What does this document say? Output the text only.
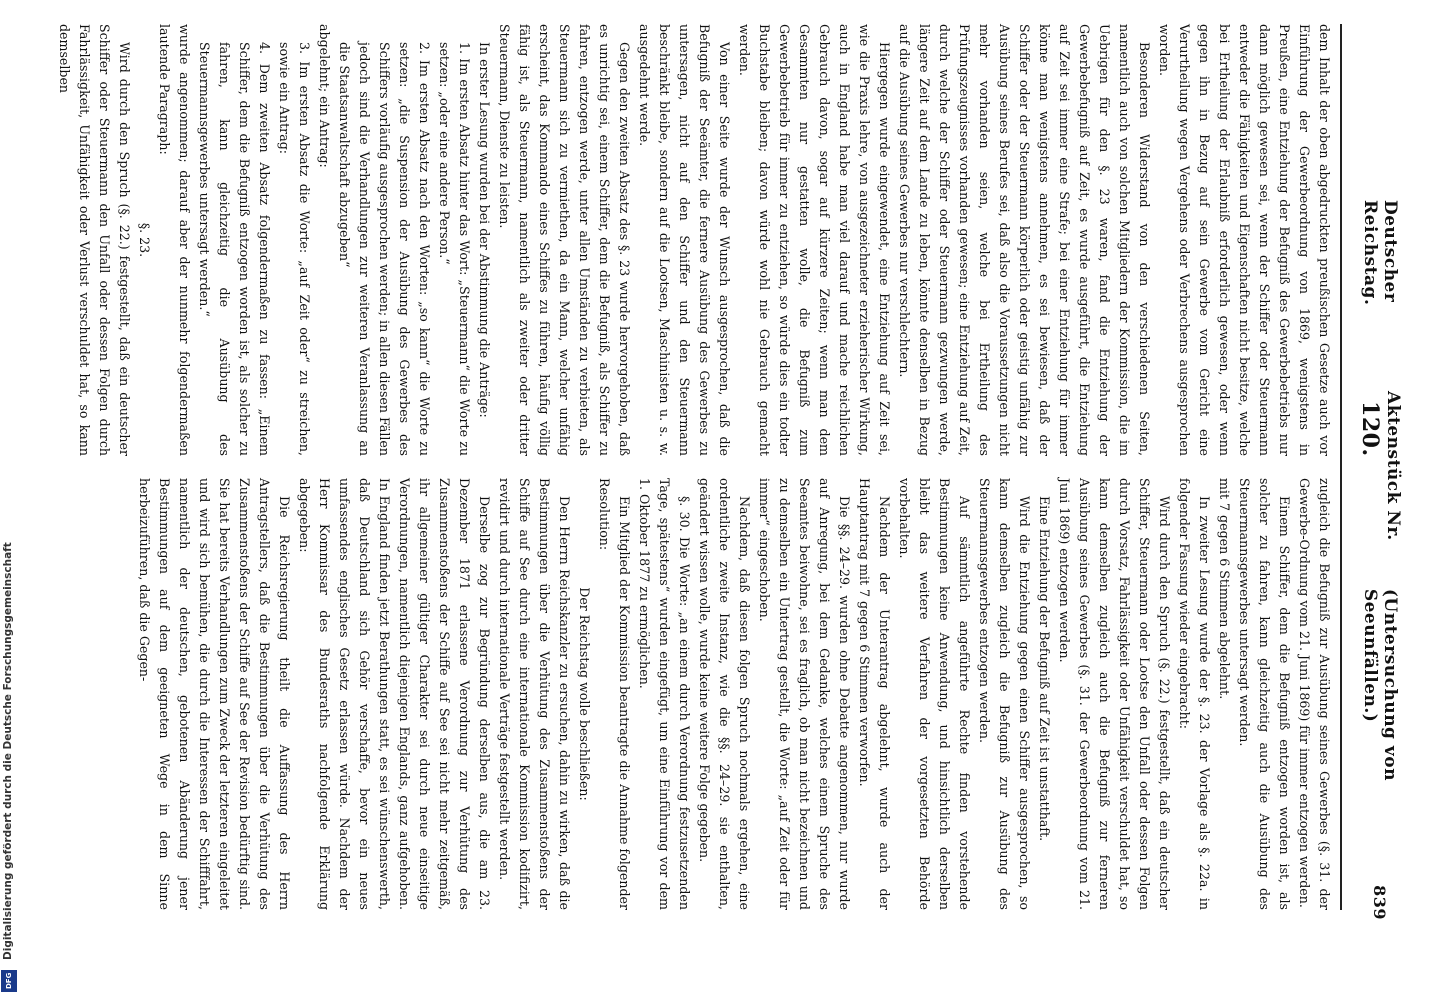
Deutscher Reichstag.
Aktenstück Nr. 120.
(Untersuchung von Seeunfällen.)
839

dem Inhalt der oben abgedruckten preußischen Gesetze auch vor Einführung der Gewerbeordnung von 1869, wenigstens in Preußen, eine Entziehung der Befugniß des Gewerbebetriebs nur dann möglich gewesen sei, wenn der Schiffer oder Steuermann entweder die Fähigkeiten und Eigenschaften nicht besitze, welche bei Ertheilung der Erlaubniß erforderlich gewesen, oder wenn gegen ihn in Bezug auf sein Gewerbe vom Gericht eine Verurtheilung wegen Vergehens oder Verbrechens ausgesprochen worden.

Besonderen Widerstand von den verschiedenen Seiten, namentlich auch von solchen Mitgliedern der Kommission, die im Uebrigen für den §. 23 waren, fand die Entziehung der Gewerbebefugniß auf Zeit, es wurde ausgeführt, die Entziehung auf Zeit sei immer eine Strafe; bei einer Entziehung für immer könne man wenigstens annehmen, es sei bewiesen, daß der Schiffer oder der Steuermann körperlich oder geistig unfähig zur Ausübung seines Berufes sei, daß also die Voraussetzungen nicht mehr vorhanden seien, welche bei Ertheilung des Prüfungszeugnisses vorhanden gewesen; eine Entziehung auf Zeit, durch welche der Schiffer oder Steuermann gezwungen werde, längere Zeit auf dem Lande zu leben, könnte denselben in Bezug auf die Ausübung seines Gewerbes nur verschlechtern.

Hiergegen wurde eingewendet, eine Entziehung auf Zeit sei, wie die Praxis lehre, von ausgezeichneter erzieherischer Wirkung, auch in England habe man viel darauf und mache reichlichen Gebrauch davon, sogar auf kürzere Zeiten; wenn man dem Gesammten nur gestatten wolle, die Befugniß zum Gewerbebetrieb für immer zu entziehen, so würde dies ein todter Buchstabe bleiben; davon würde wohl nie Gebrauch gemacht werden.

Von einer Seite wurde der Wunsch ausgesprochen, daß die Befugniß der Seeämter, die fernere Ausübung des Gewerbes zu untersagen, nicht auf den Schiffer und den Steuermann beschränkt bleibe, sondern auf die Lootsen, Maschinisten u. s. w. ausgedehnt werde.

Gegen den zweiten Absatz des §. 23 wurde hervorgehoben, daß es unrichtig sei, einem Schiffer, dem die Befugniß, als Schiffer zu fahren, entzogen werde, unter allen Umständen zu verbieten, als Steuermann sich zu vermiethen, da ein Mann, welcher unfähig erscheint, das Kommando eines Schiffes zu führen, häufig völlig fähig ist, als Steuermann, namentlich als zweiter oder dritter Steuermann, Dienste zu leisten.

In erster Lesung wurden bei der Abstimmung die Anträge:

1. Im ersten Absatz hinter das Wort: „Steuermann“ die Worte zu setzen: „oder eine andere Person.“

2. Im ersten Absatz nach den Worten: „so kann“ die Worte zu setzen: „die Suspension der Ausübung des Gewerbes des Schiffers vorläufig ausgesprochen werden; in allen diesen Fällen jedoch sind die Verhandlungen zur weiteren Veranlassung an die Staatsanwaltschaft abzugeben“

abgelehnt; ein Antrag:

3. Im ersten Absatz die Worte: „auf Zeit oder“ zu streichen, sowie ein Antrag:

4. Dem zweiten Absatz folgendermaßen zu fassen: „Einem Schiffer, dem die Befugniß entzogen worden ist, als solcher zu fahren, kann gleichzeitig die Ausübung des Steuermannsgewerbes untersagt werden.“

wurde angenommen; darauf aber der nunmehr folgendermaßen lautende Paragraph:

§. 23.

Wird durch den Spruch (§. 22.) festgestellt, daß ein deutscher Schiffer oder Steuermann den Unfall oder dessen Folgen durch Fahrlässigkeit, Unfähigkeit oder Verlust verschuldet hat, so kann demselben

zugleich die Befugniß zur Ausübung seines Gewerbes (§. 31. der Gewerbe-Ordnung vom 21. Juni 1869) für immer entzogen werden.

Einem Schiffer, dem die Befugniß entzogen worden ist, als solcher zu fahren, kann gleichzeitig auch die Ausübung des Steuermannsgewerbes untersagt werden.

mit 7 gegen 6 Stimmen abgelehnt.

In zweiter Lesung wurde der §. 23. der Vorlage als §. 22a. in folgender Fassung wieder eingebracht:

Wird durch den Spruch (§. 22.) festgestellt, daß ein deutscher Schiffer, Steuermann oder Lootse den Unfall oder dessen Folgen durch Vorsatz, Fahrlässigkeit oder Unfähigkeit verschuldet hat, so kann demselben zugleich auch die Befugniß zur ferneren Ausübung seines Gewerbes (§. 31. der Gewerbeordnung vom 21. Juni 1869) entzogen werden.

Eine Entziehung der Befugniß auf Zeit ist unstatthaft.

Wird die Entziehung gegen einen Schiffer ausgesprochen, so kann demselben zugleich die Befugniß zur Ausübung des Steuermannsgewerbes entzogen werden.

Auf sämmtlich angeführte Rechte finden vorstehende Bestimmungen keine Anwendung, und hinsichtlich derselben bleibt das weitere Verfahren der vorgesetzten Behörde vorbehalten.

Nachdem der Unterantrag abgelehnt, wurde auch der Hauptantrag mit 7 gegen 6 Stimmen verworfen.

Die §§. 24–29. wurden ohne Debatte angenommen, nur wurde auf Anregung, bei dem Gedanke, welches einem Spruche des Seeamtes beiwohne, sei es fraglich, ob man nicht bezeichnen und zu demselben ein Untertrag gestellt, die Worte: „auf Zeit oder für immer“ eingeschoben.

Nachdem, daß diesen folgen Spruch nochmals ergehen, eine ordentliche zweite Instanz, wie die §§. 24–29. sie enthalten, geändert wissen wolle, wurde keine weitere Folge gegeben.

§. 30. Die Worte: „an einem durch Verordnung festzusetzenden Tage, spätestens“ wurden eingefügt, um eine Einführung vor dem 1. Oktober 1877 zu ermöglichen.

Ein Mitglied der Kommission beantragte die Annahme folgender Resolution:

Der Reichstag wolle beschließen:

Den Herrn Reichskanzler zu ersuchen, dahin zu wirken, daß die Bestimmungen über die Verhütung des Zusammenstoßens der Schiffe auf See durch eine internationale Kommission kodifizirt, revidirt und durch internationale Verträge festgestellt werden.

Derselbe zog zur Begründung derselben aus, die am 23. Dezember 1871 erlassene Verordnung zur Verhütung des Zusammenstoßens der Schiffe auf See sei nicht mehr zeitgemäß, ihr allgemeiner gültiger Charakter sei durch neue einseitige Verordnungen, namentlich diejenigen Englands, ganz aufgehoben. In England finden jetzt Berathungen statt, es sei wünschenswerth, daß Deutschland sich Gehör verschaffe, bevor ein neues umfassendes englisches Gesetz erlassen würde. Nachdem der Herr Kommissar des Bundesraths nachfolgende Erklärung abgegeben:

Die Reichsregierung theilt die Auffassung des Herrn Antragstellers, daß die Bestimmungen über die Verhütung des Zusammenstoßens der Schiffe auf See der Revision bedürftig sind. Sie hat bereits Verhandlungen zum Zweck der letzteren eingeleitet und wird sich bemühen, die durch die Interessen der Schifffahrt, namentlich der deutschen, gebotenen Abänderung jener Bestimmungen auf dem geeigneten Wege in dem Sinne herbeizuführen, daß die Gegen-

Digitalisierung gefördert durch die Deutsche Forschungsgemeinschaft
DFG
